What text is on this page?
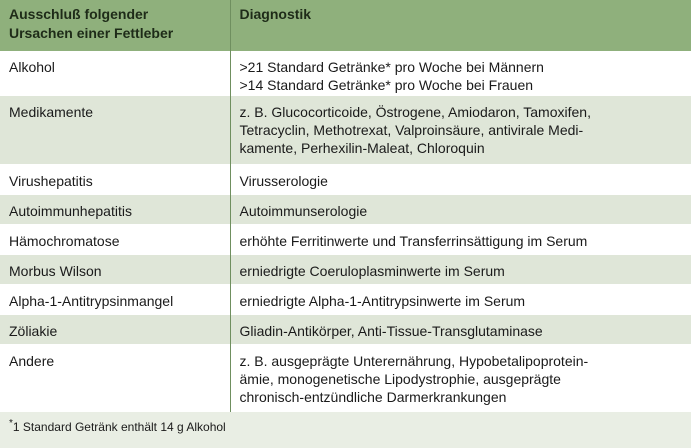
Ausschluß folgender
Ursachen einer Fettleber	Diagnostik
Alkohol	>21 Standard Getränke* pro Woche bei Männern
>14 Standard Getränke* pro Woche bei Frauen

Medikamente	z. B. Glucocorticoide, Östrogene, Amiodaron, Tamoxifen,
Tetracyclin, Methotrexat, Valproinsäure, antivirale Medi-
kamente, Perhexilin-Maleat, Chloroquin

Virushepatitis	Virusserologie

Autoimmunhepatitis	Autoimmunserologie

Hämochromatose	erhöhte Ferritinwerte und Transferrinsättigung im Serum

Morbus Wilson	erniedrigte Coeruloplasminwerte im Serum

Alpha-1-Antitrypsinmangel	erniedrigte Alpha-1-Antitrypsinwerte im Serum

Zöliakie	Gliadin-Antikörper, Anti-Tissue-Transglutaminase

Andere	z. B. ausgeprägte Unterernährung, Hypobetalipoprotein-
ämie, monogenetische Lipodystrophie, ausgeprägte
chronisch-entzündliche Darmerkrankungen
*1 Standard Getränk enthält 14 g Alkohol
